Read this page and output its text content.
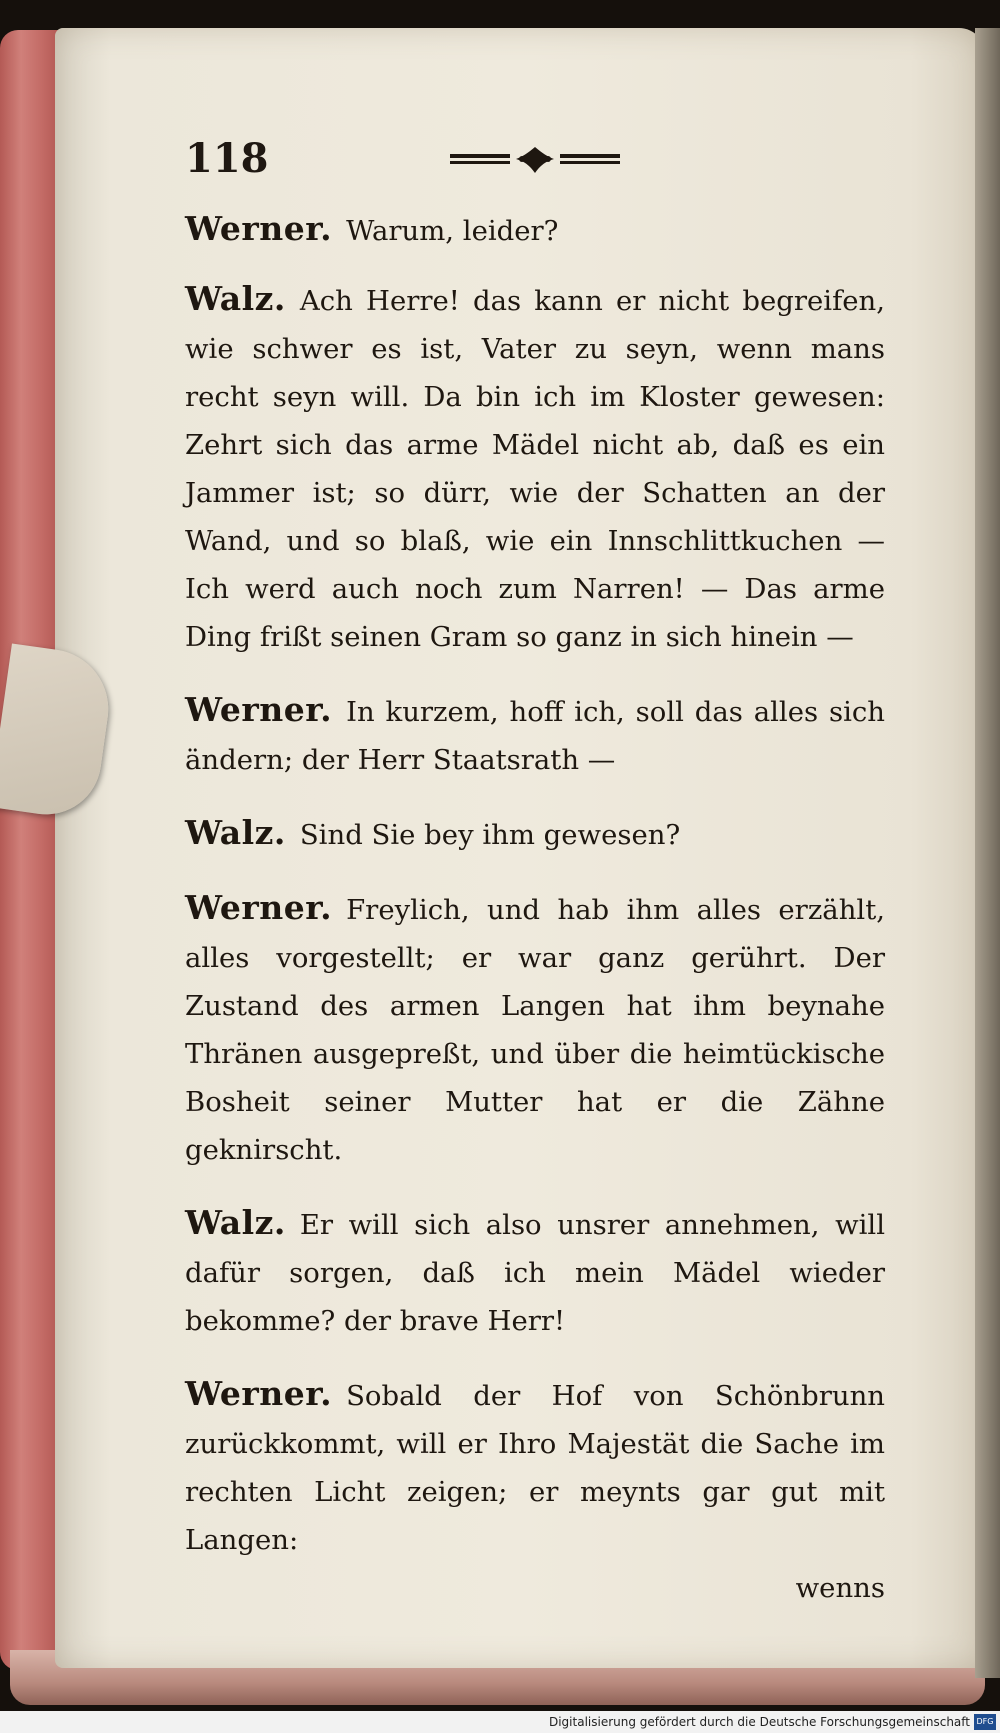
118

Werner. Warum, leider?

Walz. Ach Herre! das kann er nicht begreifen, wie schwer es ist, Vater zu seyn, wenn mans recht seyn will. Da bin ich im Kloster gewesen: Zehrt sich das arme Mädel nicht ab, daß es ein Jammer ist; so dürr, wie der Schatten an der Wand, und so blaß, wie ein Innschlittkuchen — Ich werd auch noch zum Narren! — Das arme Ding frißt seinen Gram so ganz in sich hinein —

Werner. In kurzem, hoff ich, soll das alles sich ändern; der Herr Staatsrath —

Walz. Sind Sie bey ihm gewesen?

Werner. Freylich, und hab ihm alles erzählt, alles vorgestellt; er war ganz gerührt. Der Zustand des armen Langen hat ihm beynahe Thränen ausgepreßt, und über die heimtückische Bosheit seiner Mutter hat er die Zähne geknirscht.

Walz. Er will sich also unsrer annehmen, will dafür sorgen, daß ich mein Mädel wieder bekomme? der brave Herr!

Werner. Sobald der Hof von Schönbrunn zurückkommt, will er Ihro Majestät die Sache im rechten Licht zeigen; er meynts gar gut mit Langen:

wenns

Digitalisierung gefördert durch die Deutsche Forschungsgemeinschaft DFG
